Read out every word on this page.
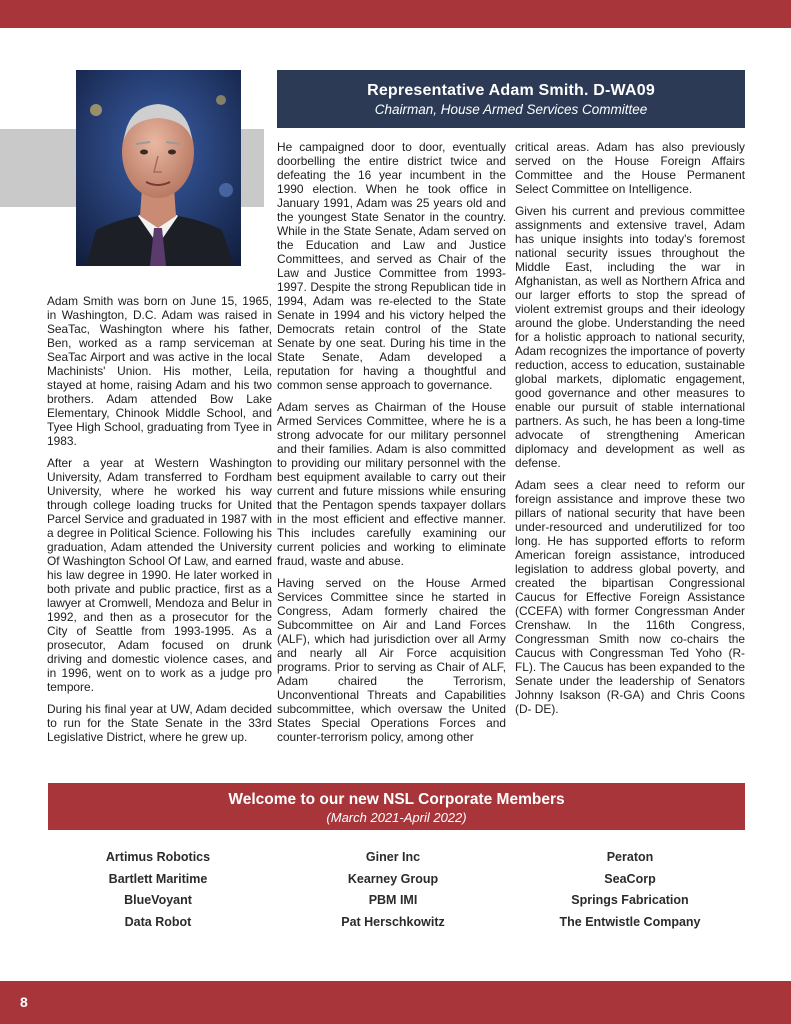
Representative Adam Smith. D-WA09
Chairman, House Armed Services Committee

Adam Smith was born on June 15, 1965, in Washington, D.C. Adam was raised in SeaTac, Washington where his father, Ben, worked as a ramp serviceman at SeaTac Airport and was active in the local Machinists' Union. His mother, Leila, stayed at home, raising Adam and his two brothers. Adam attended Bow Lake Elementary, Chinook Middle School, and Tyee High School, graduating from Tyee in 1983.

After a year at Western Washington University, Adam transferred to Fordham University, where he worked his way through college loading trucks for United Parcel Service and graduated in 1987 with a degree in Political Science. Following his graduation, Adam attended the University Of Washington School Of Law, and earned his law degree in 1990. He later worked in both private and public practice, first as a lawyer at Cromwell, Mendoza and Belur in 1992, and then as a prosecutor for the City of Seattle from 1993-1995. As a prosecutor, Adam focused on drunk driving and domestic violence cases, and in 1996, went on to work as a judge pro tempore.

During his final year at UW, Adam decided to run for the State Senate in the 33rd Legislative District, where he grew up.

He campaigned door to door, eventually doorbelling the entire district twice and defeating the 16 year incumbent in the 1990 election. When he took office in January 1991, Adam was 25 years old and the youngest State Senator in the country. While in the State Senate, Adam served on the Education and Law and Justice Committees, and served as Chair of the Law and Justice Committee from 1993-1997. Despite the strong Republican tide in 1994, Adam was re-elected to the State Senate in 1994 and his victory helped the Democrats retain control of the State Senate by one seat. During his time in the State Senate, Adam developed a reputation for having a thoughtful and common sense approach to governance.

Adam serves as Chairman of the House Armed Services Committee, where he is a strong advocate for our military personnel and their families. Adam is also committed to providing our military personnel with the best equipment available to carry out their current and future missions while ensuring that the Pentagon spends taxpayer dollars in the most efficient and effective manner. This includes carefully examining our current policies and working to eliminate fraud, waste and abuse.

Having served on the House Armed Services Committee since he started in Congress, Adam formerly chaired the Subcommittee on Air and Land Forces (ALF), which had jurisdiction over all Army and nearly all Air Force acquisition programs. Prior to serving as Chair of ALF, Adam chaired the Terrorism, Unconventional Threats and Capabilities subcommittee, which oversaw the United States Special Operations Forces and counter-terrorism policy, among other

critical areas. Adam has also previously served on the House Foreign Affairs Committee and the House Permanent Select Committee on Intelligence.

Given his current and previous committee assignments and extensive travel, Adam has unique insights into today's foremost national security issues throughout the Middle East, including the war in Afghanistan, as well as Northern Africa and our larger efforts to stop the spread of violent extremist groups and their ideology around the globe. Understanding the need for a holistic approach to national security, Adam recognizes the importance of poverty reduction, access to education, sustainable global markets, diplomatic engagement, good governance and other measures to enable our pursuit of stable international partners. As such, he has been a long-time advocate of strengthening American diplomacy and development as well as defense.

Adam sees a clear need to reform our foreign assistance and improve these two pillars of national security that have been under-resourced and underutilized for too long. He has supported efforts to reform American foreign assistance, introduced legislation to address global poverty, and created the bipartisan Congressional Caucus for Effective Foreign Assistance (CCEFA) with former Congressman Ander Crenshaw. In the 116th Congress, Congressman Smith now co-chairs the Caucus with Congressman Ted Yoho (R-FL). The Caucus has been expanded to the Senate under the leadership of Senators Johnny Isakson (R-GA) and Chris Coons (D- DE).

Welcome to our new NSL Corporate Members
(March 2021-April 2022)
Artimus Robotics
Bartlett Maritime
BlueVoyant
Data Robot
Giner Inc
Kearney Group
PBM IMI
Pat Herschkowitz
Peraton
SeaCorp
Springs Fabrication
The Entwistle Company
8
